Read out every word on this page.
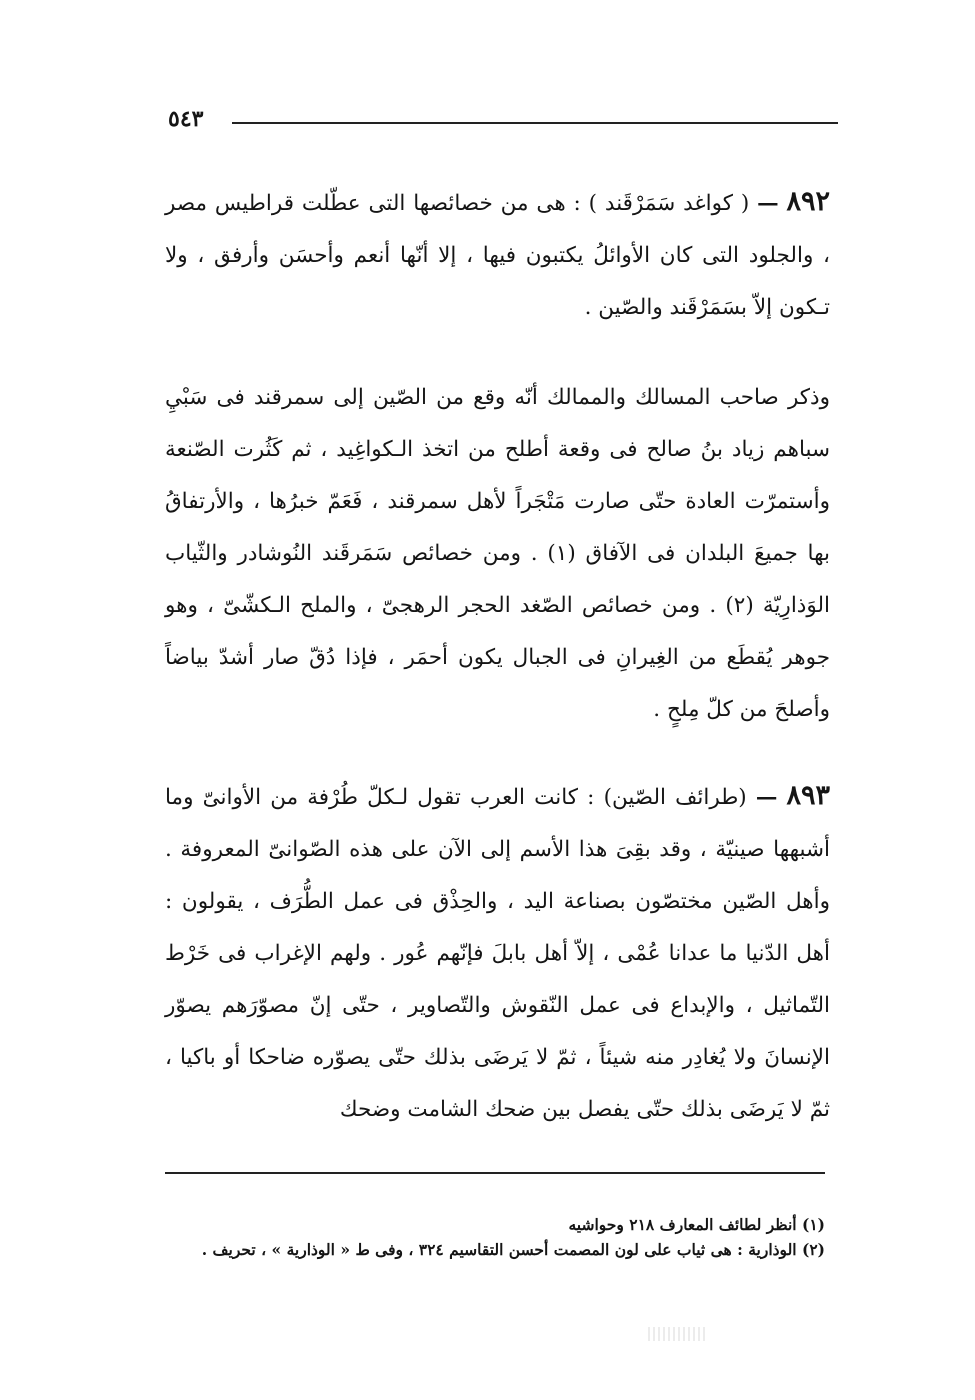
٥٤٣

٨٩٢ — ( كواغد سَمَرْقَند ) : هى من خصائصها التى عطّلت قراطيس مصر ، والجلود التى كان الأوائلُ يكتبون فيها ، إلا أنّها أنعم وأحسَن وأرفق ، ولا تـكون إلاّ بسَمَرْقَند والصّين .

وذكر صاحب المسالك والممالك أنّه وقع من الصّين إلى سمرقند فى سَبْيِ سباهم زياد بنُ صالح فى وقعة أطلح من اتخذ الـكواغِيد ، ثم كَثُرت الصّنعة وأستمرّت العادة حتّى صارت مَتْجَراً لأهل سمرقند ، فَعَمّ خبرُها ، والأرتفاقُ بها جميعَ البلدان فى الآفاق (١) . ومن خصائص سَمَرقَند النُوشادر والثّياب الوَذارِيّة (٢) . ومن خصائص الصّغد الحجر الرهجىّ ، والملح الـكشّىّ ، وهو جوهر يُقطَع من الغِيرانِ فى الجبال يكون أحمَر ، فإذا دُقّ صار أشدّ بياضاً وأصلحَ من كلّ مِلحٍ .

٨٩٣ — (طرائف الصّين) : كانت العرب تقول لـكلّ طُرْفة من الأوانىّ وما أشبهها صينيّة ، وقد بقِىَ هذا الأسم إلى الآن على هذه الصّوانىّ المعروفة . وأهل الصّين مختصّون بصناعة اليد ، والحِذْق فى عمل الطُّرَف ، يقولون : أهل الدّنيا ما عدانا عُمْى ، إلاّ أهل بابلَ فإنّهم عُور . ولهم الإغراب فى خَرْط التّماثيل ، والإبداع فى عمل النّقوش والتّصاوير ، حتّى إنّ مصوّرَهم يصوّر الإنسانَ ولا يُغادِر منه شيئاً ، ثمّ لا يَرضَى بذلك حتّى يصوّره ضاحكا أو باكيا ، ثمّ لا يَرضَى بذلك حتّى يفصل بين ضحك الشامت وضحك

(١) أنظر لطائف المعارف ٢١٨ وحواشيه

(٢) الوذارية : هى ثياب على لون المصمت أحسن التقاسيم ٣٢٤ ، وفى ط « الوذارية » ، تحريف .
